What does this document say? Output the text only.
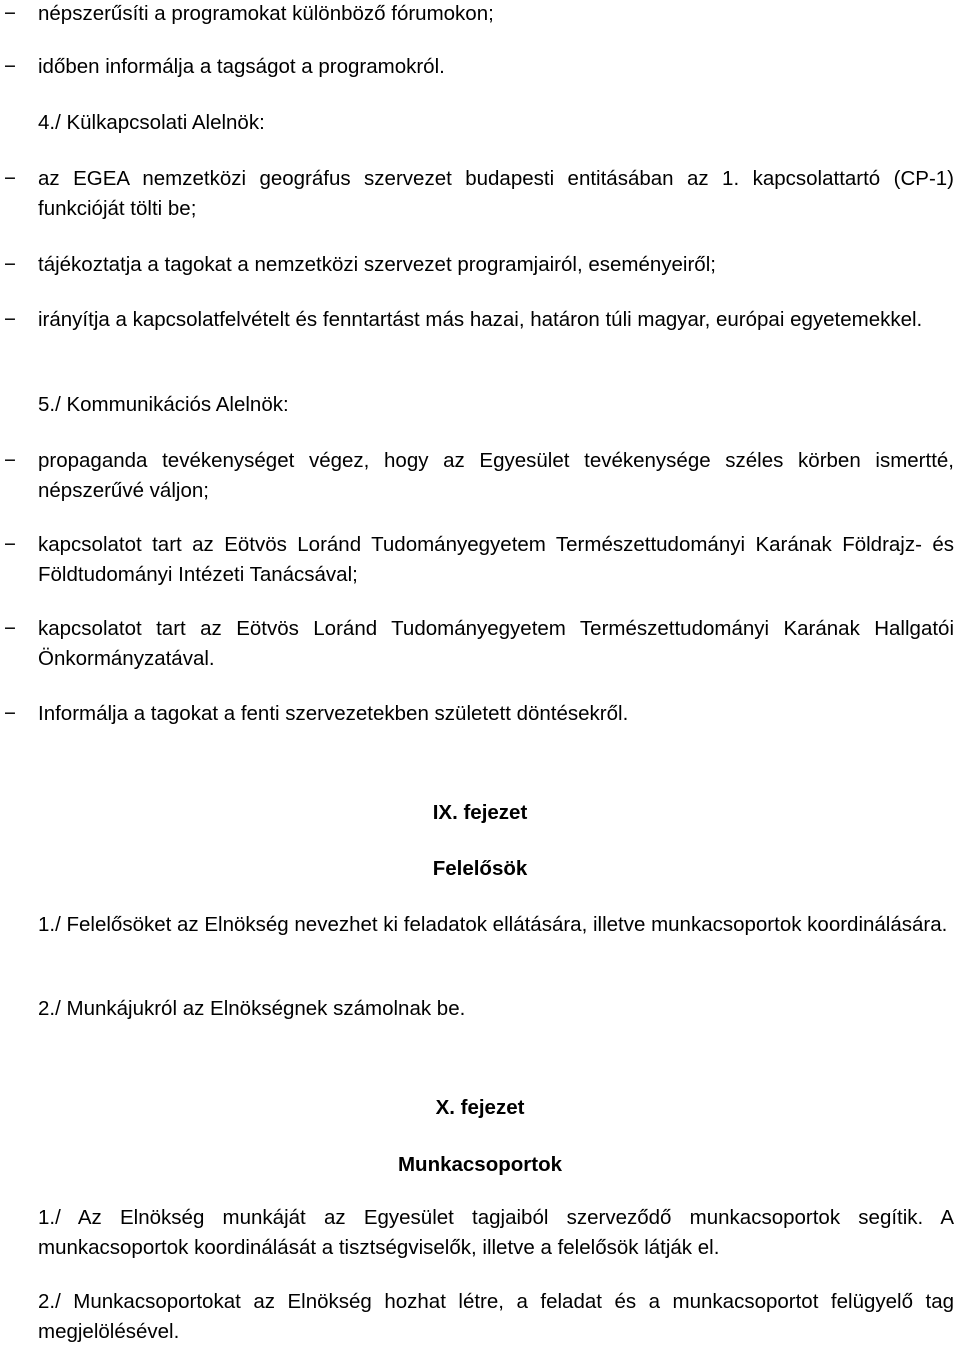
− népszerűsíti a programokat különböző fórumokon;
− időben informálja a tagságot a programokról.

4./ Külkapcsolati Alelnök:

− az EGEA nemzetközi geográfus szervezet budapesti entitásában az 1. kapcsolattartó (CP-1) funkcióját tölti be;
− tájékoztatja a tagokat a nemzetközi szervezet programjairól, eseményeiről;
− irányítja a kapcsolatfelvételt és fenntartást más hazai, határon túli magyar, európai egyetemekkel.

5./ Kommunikációs Alelnök:

− propaganda tevékenységet végez, hogy az Egyesület tevékenysége széles körben ismertté, népszerűvé váljon;
− kapcsolatot tart az Eötvös Loránd Tudományegyetem Természettudományi Karának Földrajz- és Földtudományi Intézeti Tanácsával;
− kapcsolatot tart az Eötvös Loránd Tudományegyetem Természettudományi Karának Hallgatói Önkormányzatával.
− Informálja a tagokat a fenti szervezetekben született döntésekről.

IX. fejezet

Felelősök

1./ Felelősöket az Elnökség nevezhet ki feladatok ellátására, illetve munkacsoportok koordinálására.

2./ Munkájukról az Elnökségnek számolnak be.

X. fejezet

Munkacsoportok

1./ Az Elnökség munkáját az Egyesület tagjaiból szerveződő munkacsoportok segítik. A munkacsoportok koordinálását a tisztségviselők, illetve a felelősök látják el.

2./ Munkacsoportokat az Elnökség hozhat létre, a feladat és a munkacsoportot felügyelő tag megjelölésével.
